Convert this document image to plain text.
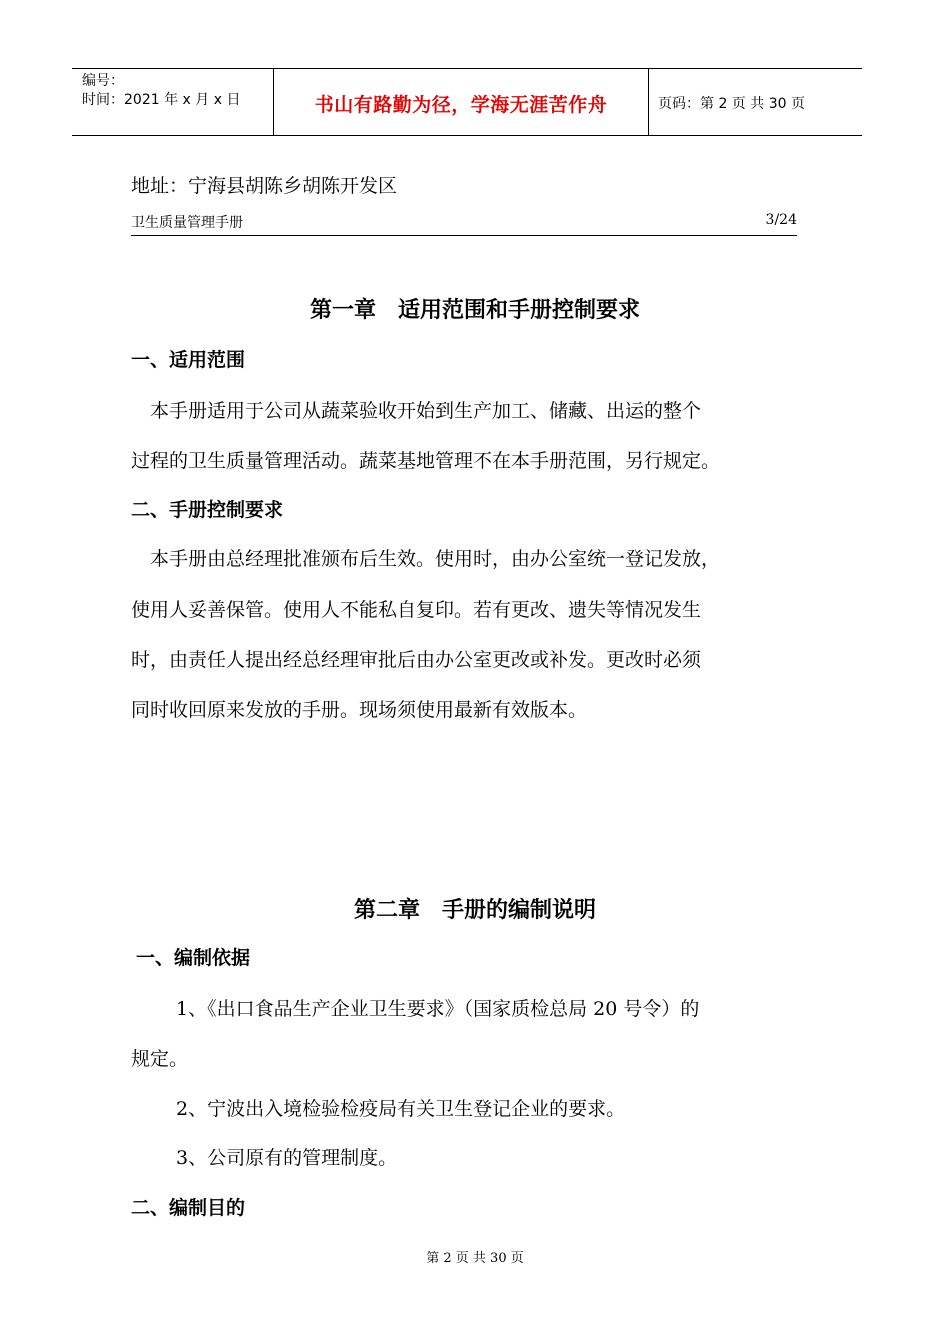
编号：
时间：2021 年 x 月 x 日	书山有路勤为径，学海无涯苦作舟	页码：第 2 页 共 30 页
地址：宁海县胡陈乡胡陈开发区
卫生质量管理手册	3/24
第一章　适用范围和手册控制要求
一、适用范围
本手册适用于公司从蔬菜验收开始到生产加工、储藏、出运的整个
过程的卫生质量管理活动。蔬菜基地管理不在本手册范围，另行规定。
二、手册控制要求
本手册由总经理批准颁布后生效。使用时，由办公室统一登记发放，
使用人妥善保管。使用人不能私自复印。若有更改、遗失等情况发生
时，由责任人提出经总经理审批后由办公室更改或补发。更改时必须
同时收回原来发放的手册。现场须使用最新有效版本。
第二章　手册的编制说明
一、编制依据
1、《出口食品生产企业卫生要求》（国家质检总局 20 号令）的
规定。
2、宁波出入境检验检疫局有关卫生登记企业的要求。
3、公司原有的管理制度。
二、编制目的
第 2 页 共 30 页
